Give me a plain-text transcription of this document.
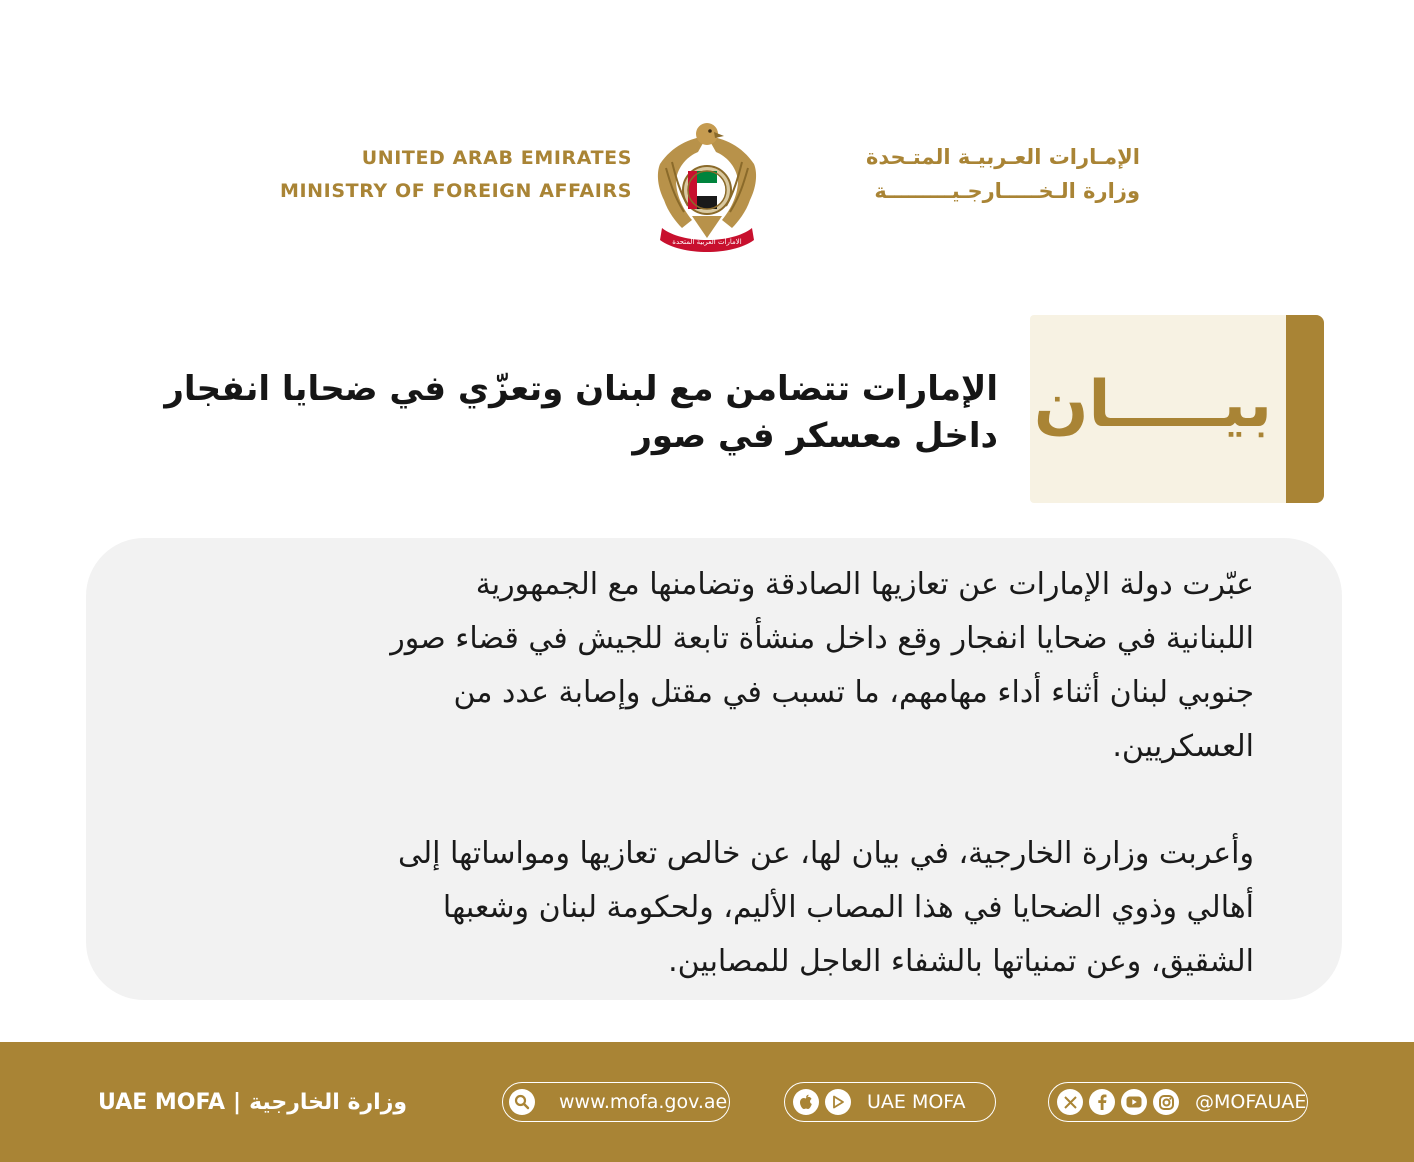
UNITED ARAB EMIRATES
MINISTRY OF FOREIGN AFFAIRS
الامارات العربية المتحدة
الإمـارات العـربيـة المتـحدة
وزارة الـخـــــارجـيـــــــــة
بيـــــان
الإمارات تتضامن مع لبنان وتعزّي في ضحايا انفجار
داخل معسكر في صور
عبّرت دولة الإمارات عن تعازيها الصادقة وتضامنها مع الجمهورية
اللبنانية في ضحايا انفجار وقع داخل منشأة تابعة للجيش في قضاء صور
جنوبي لبنان أثناء أداء مهامهم، ما تسبب في مقتل وإصابة عدد من
العسكريين.
وأعربت وزارة الخارجية، في بيان لها، عن خالص تعازيها ومواساتها إلى
أهالي وذوي الضحايا في هذا المصاب الأليم، ولحكومة لبنان وشعبها
الشقيق، وعن تمنياتها بالشفاء العاجل للمصابين.
UAE MOFA | وزارة الخارجية	www.mofa.gov.ae	UAE MOFA	@MOFAUAE
